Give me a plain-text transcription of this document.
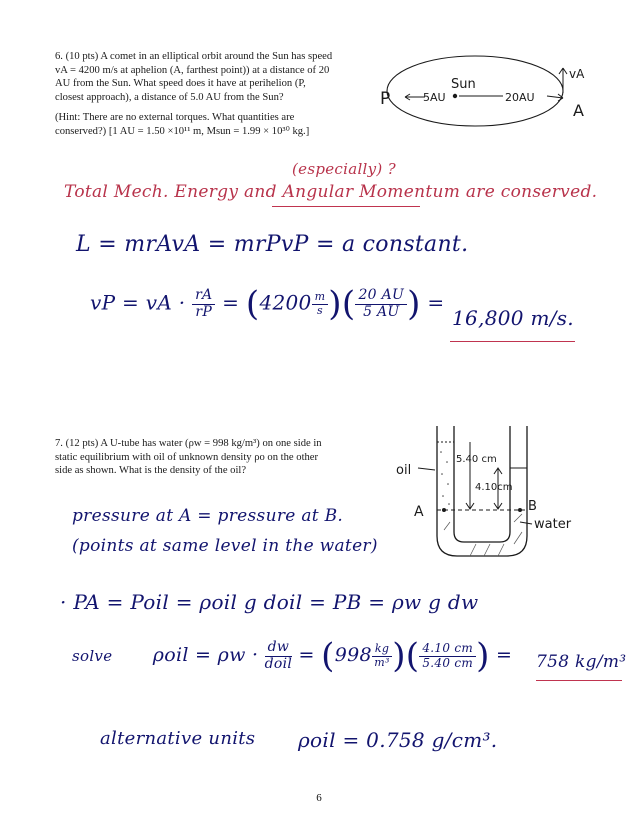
6. (10 pts) A comet in an elliptical orbit around the Sun has speed vA = 4200 m/s at aphelion (A, farthest point)) at a distance of 20 AU from the Sun. What speed does it have at perihelion (P, closest approach), a distance of 5.0 AU from the Sun?

(Hint: There are no external torques. What quantities are conserved?) [1 AU = 1.50 ×10¹¹ m, Msun = 1.99 × 10³⁰ kg.]

Sun
P
A
vA
5AU	20AU
(especially) ?
Total Mech. Energy and Angular Momentum are conserved.
L = mrAvA = mrPvP = a constant.
vP = vA · $\frac{rA}{rP} = (4200 \frac{m}{s}$ )( $\frac{20 AU}{5 AU}$ ) =
16,800 m/s.

7. (12 pts) A U-tube has water (ρw = 998 kg/m³) on one side in static equilibrium with oil of unknown density ρo on the other side as shown. What is the density of the oil?	oil
5.40 cm
4.10cm
A	B
water
pressure at A = pressure at B.
(points at same level in the water)
· PA = Poil = ρoil g doil = PB = ρw g dw
solve $\rho oil = \rho w \cdot \frac{dw}{\text{doil}} = (998 \frac{kg}{\text{m³}}$ )( $\frac{4.10 cm}{5.40 cm}$ ) = 758 kg/m³
alternative units ρoil = 0.758 g/cm³.
6
